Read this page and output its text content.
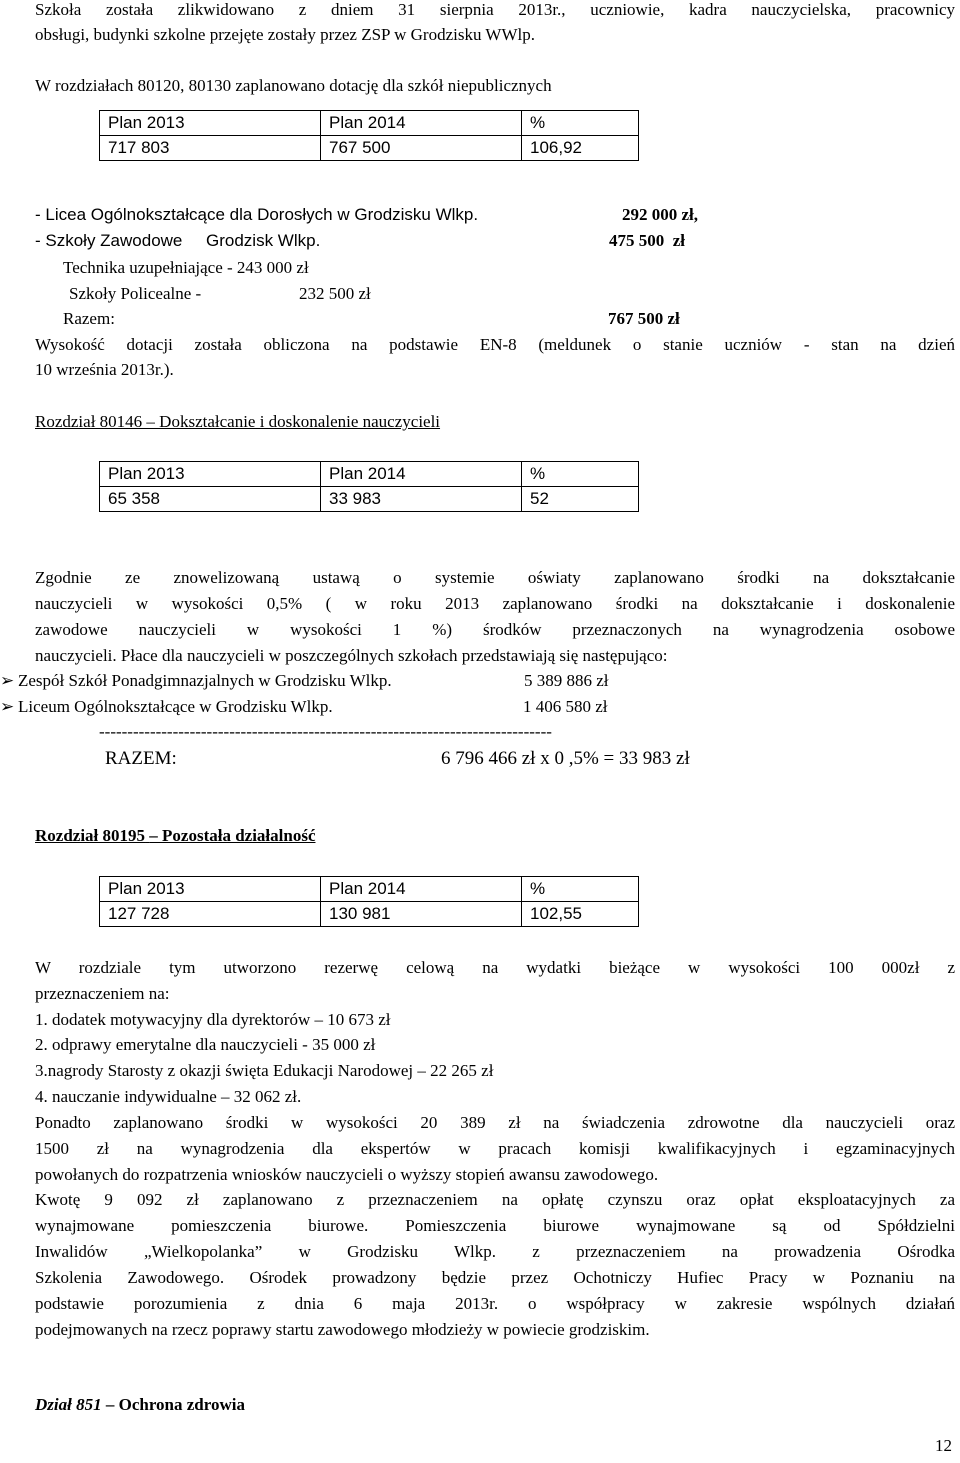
Szkoła została zlikwidowano z dniem 31 sierpnia 2013r., uczniowie, kadra nauczycielska, pracownicy
obsługi, budynki szkolne przejęte zostały przez ZSP w Grodzisku WWlp.
W rozdziałach 80120, 80130 zaplanowano dotację dla szkół niepublicznych
Plan 2013	Plan 2014	%
717 803	767 500	106,92
- Licea Ogólnokształcące dla Dorosłych w Grodzisku Wlkp.	292 000 zł,
- Szkoły Zawodowe     Grodzisk Wlkp.	475 500  zł
Technika uzupełniające - 243 000 zł
Szkoły Policealne -	232 500 zł
Razem:	767 500 zł
Wysokość dotacji została obliczona na podstawie EN-8 (meldunek o stanie uczniów - stan na dzień
10 września 2013r.).
Rozdział 80146 – Dokształcanie i doskonalenie nauczycieli
Plan 2013	Plan 2014	%
65 358	33 983	52
Zgodnie ze znowelizowaną ustawą o systemie oświaty zaplanowano środki na dokształcanie
nauczycieli w wysokości 0,5% ( w roku 2013 zaplanowano środki na dokształcanie i doskonalenie
zawodowe nauczycieli w wysokości 1 %) środków przeznaczonych na wynagrodzenia osobowe
nauczycieli. Płace dla nauczycieli w poszczególnych szkołach przedstawiają się następująco:
➢ Zespół Szkół Ponadgimnazjalnych w Grodzisku Wlkp.	5 389 886 zł
➢ Liceum Ogólnokształcące w Grodzisku Wlkp.	1 406 580 zł
--------------------------------------------------------------------------------
RAZEM:	6 796 466 zł x 0 ,5% = 33 983 zł
Rozdział 80195 – Pozostała działalność
Plan 2013	Plan 2014	%
127 728	130 981	102,55
W rozdziale tym utworzono rezerwę celową na wydatki bieżące w wysokości 100 000zł z
przeznaczeniem na:
1. dodatek motywacyjny dla dyrektorów – 10 673 zł
2. odprawy emerytalne dla nauczycieli - 35 000 zł
3.nagrody Starosty z okazji święta Edukacji Narodowej – 22 265 zł
4. nauczanie indywidualne – 32 062 zł.
Ponadto zaplanowano środki w wysokości 20 389 zł na świadczenia zdrowotne dla nauczycieli oraz
1500 zł na wynagrodzenia dla ekspertów w pracach komisji kwalifikacyjnych i egzaminacyjnych
powołanych do rozpatrzenia wniosków nauczycieli o wyższy stopień awansu zawodowego.
Kwotę 9 092 zł zaplanowano z przeznaczeniem na opłatę czynszu oraz opłat eksploatacyjnych za
wynajmowane pomieszczenia biurowe. Pomieszczenia biurowe wynajmowane są od Spółdzielni
Inwalidów „Wielkopolanka” w Grodzisku Wlkp. z przeznaczeniem na prowadzenia Ośrodka
Szkolenia Zawodowego. Ośrodek prowadzony będzie przez Ochotniczy Hufiec Pracy w Poznaniu na
podstawie porozumienia z dnia 6 maja 2013r. o współpracy w zakresie wspólnych działań
podejmowanych na rzecz poprawy startu zawodowego młodzieży w powiecie grodziskim.
Dział 851 – Ochrona zdrowia
12
